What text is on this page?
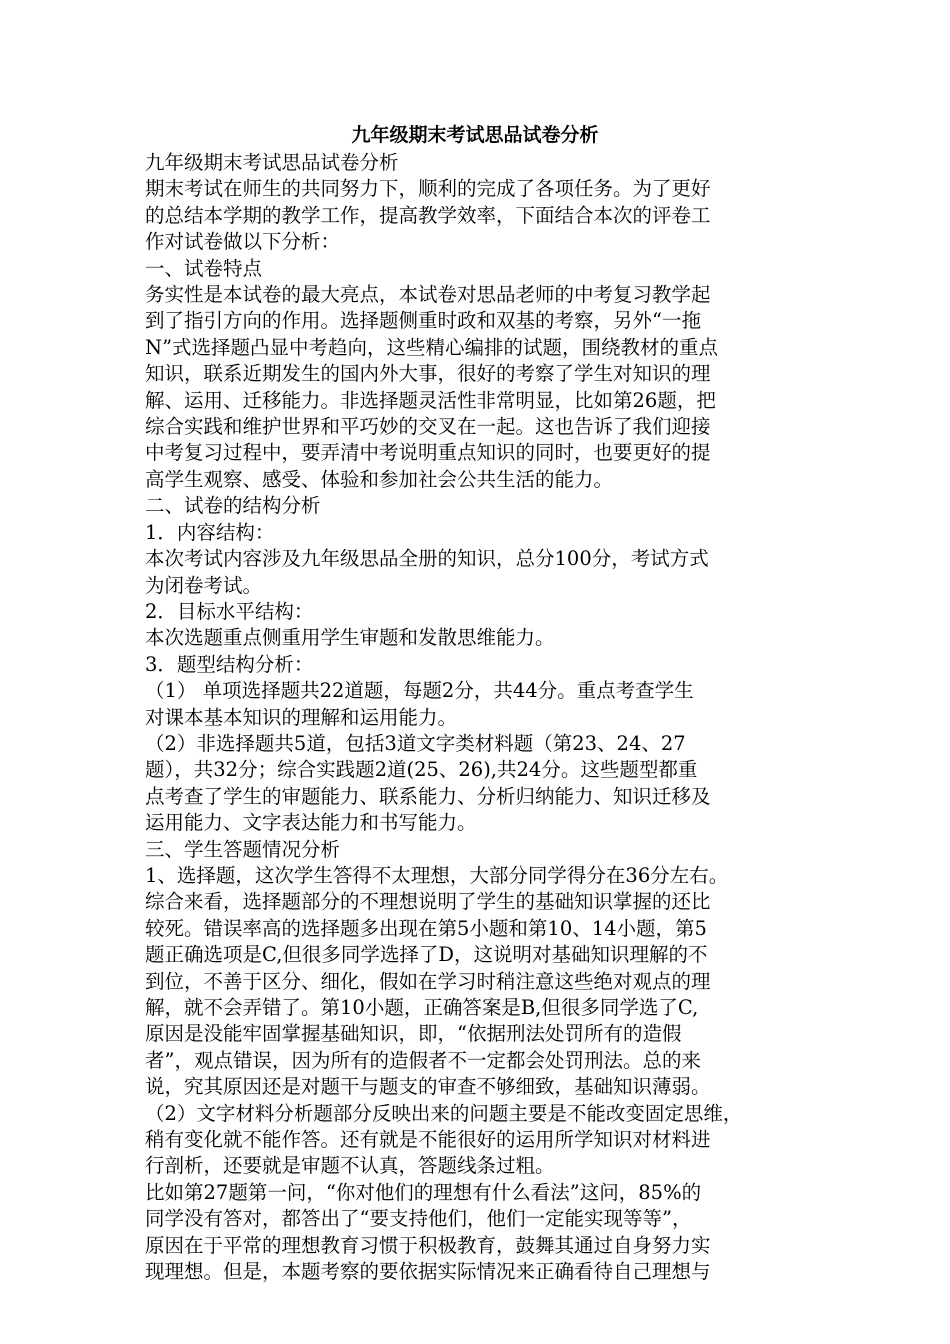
九年级期末考试思品试卷分析

九年级期末考试思品试卷分析

期末考试在师生的共同努力下，顺利的完成了各项任务。为了更好

的总结本学期的教学工作，提高教学效率，下面结合本次的评卷工

作对试卷做以下分析：

一、试卷特点

务实性是本试卷的最大亮点，本试卷对思品老师的中考复习教学起

到了指引方向的作用。选择题侧重时政和双基的考察，另外“一拖

N”式选择题凸显中考趋向，这些精心编排的试题，围绕教材的重点

知识，联系近期发生的国内外大事，很好的考察了学生对知识的理

解、运用、迁移能力。非选择题灵活性非常明显，比如第26题，把

综合实践和维护世界和平巧妙的交叉在一起。这也告诉了我们迎接

中考复习过程中，要弄清中考说明重点知识的同时，也要更好的提

高学生观察、感受、体验和参加社会公共生活的能力。

二、试卷的结构分析

1．内容结构：

本次考试内容涉及九年级思品全册的知识，总分100分，考试方式

为闭卷考试。

2．目标水平结构：

本次选题重点侧重用学生审题和发散思维能力。

3．题型结构分析：

（1） 单项选择题共22道题，每题2分，共44分。重点考查学生

对课本基本知识的理解和运用能力。

（2）非选择题共5道，包括3道文字类材料题（第23、24、27

题），共32分；综合实践题2道(25、26),共24分。这些题型都重

点考查了学生的审题能力、联系能力、分析归纳能力、知识迁移及

运用能力、文字表达能力和书写能力。

三、学生答题情况分析

1、选择题，这次学生答得不太理想，大部分同学得分在36分左右。

综合来看，选择题部分的不理想说明了学生的基础知识掌握的还比

较死。错误率高的选择题多出现在第5小题和第10、14小题，第5

题正确选项是C,但很多同学选择了D，这说明对基础知识理解的不

到位，不善于区分、细化，假如在学习时稍注意这些绝对观点的理

解，就不会弄错了。第10小题，正确答案是B,但很多同学选了C,

原因是没能牢固掌握基础知识，即，“依据刑法处罚所有的造假

者”，观点错误，因为所有的造假者不一定都会处罚刑法。总的来

说，究其原因还是对题干与题支的审查不够细致，基础知识薄弱。

（2）文字材料分析题部分反映出来的问题主要是不能改变固定思维，

稍有变化就不能作答。还有就是不能很好的运用所学知识对材料进

行剖析，还要就是审题不认真，答题线条过粗。

比如第27题第一问，“你对他们的理想有什么看法”这问，85%的

同学没有答对，都答出了“要支持他们，他们一定能实现等等”，

原因在于平常的理想教育习惯于积极教育，鼓舞其通过自身努力实

现理想。但是，本题考察的要依据实际情况来正确看待自己理想与
